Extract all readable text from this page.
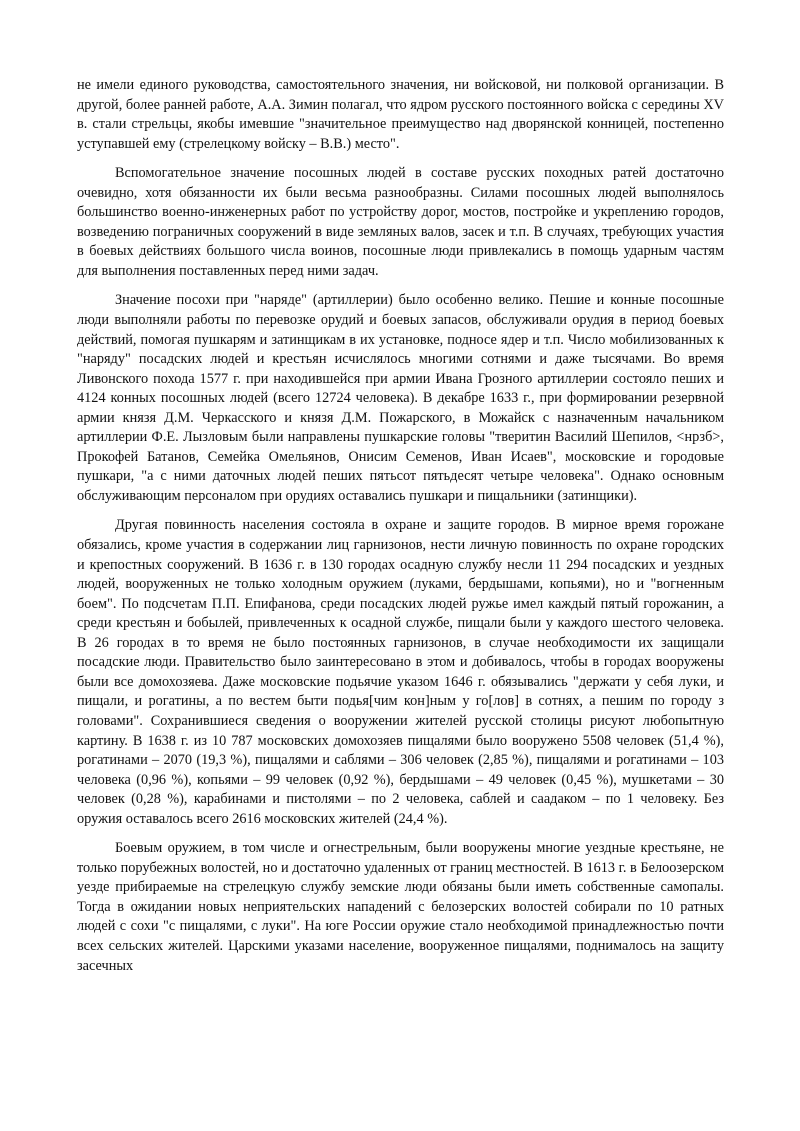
не имели единого руководства, самостоятельного значения, ни войсковой, ни полковой организации. В другой, более ранней работе, А.А. Зимин полагал, что ядром русского постоянного войска с середины XV в. стали стрельцы, якобы имевшие "значительное преимущество над дворянской конницей, постепенно уступавшей ему (стрелецкому войску – В.В.) место".

Вспомогательное значение посошных людей в составе русских походных ратей достаточно очевидно, хотя обязанности их были весьма разнообразны. Силами посошных людей выполнялось большинство военно-инженерных работ по устройству дорог, мостов, постройке и укреплению городов, возведению пограничных сооружений в виде земляных валов, засек и т.п. В случаях, требующих участия в боевых действиях большого числа воинов, посошные люди привлекались в помощь ударным частям для выполнения поставленных перед ними задач.

Значение посохи при "наряде" (артиллерии) было особенно велико. Пешие и конные посошные люди выполняли работы по перевозке орудий и боевых запасов, обслуживали орудия в период боевых действий, помогая пушкарям и затинщикам в их установке, подносе ядер и т.п. Число мобилизованных к "наряду" посадских людей и крестьян исчислялось многими сотнями и даже тысячами. Во время Ливонского похода 1577 г. при находившейся при армии Ивана Грозного артиллерии состояло пеших и 4124 конных посошных людей (всего 12724 человека). В декабре 1633 г., при формировании резервной армии князя Д.М. Черкасского и князя Д.М. Пожарского, в Можайск с назначенным начальником артиллерии Ф.Е. Лызловым были направлены пушкарские головы "тверитин Василий Шепилов, <нрзб>, Прокофей Батанов, Семейка Омельянов, Онисим Семенов, Иван Исаев", московские и городовые пушкари, "а с ними даточных людей пеших пятьсот пятьдесят четыре человека". Однако основным обслуживающим персоналом при орудиях оставались пушкари и пищальники (затинщики).

Другая повинность населения состояла в охране и защите городов. В мирное время горожане обязались, кроме участия в содержании лиц гарнизонов, нести личную повинность по охране городских и крепостных сооружений. В 1636 г. в 130 городах осадную службу несли 11 294 посадских и уездных людей, вооруженных не только холодным оружием (луками, бердышами, копьями), но и "вогненным боем". По подсчетам П.П. Епифанова, среди посадских людей ружье имел каждый пятый горожанин, а среди крестьян и бобылей, привлеченных к осадной службе, пищали были у каждого шестого человека. В 26 городах в то время не было постоянных гарнизонов, в случае необходимости их защищали посадские люди. Правительство было заинтересовано в этом и добивалось, чтобы в городах вооружены были все домохозяева. Даже московские подьячие указом 1646 г. обязывались "держати у себя луки, и пищали, и рогатины, а по вестем быти подья[чим кон]ным у го[лов] в сотнях, а пешим по городу з головами". Сохранившиеся сведения о вооружении жителей русской столицы рисуют любопытную картину. В 1638 г. из 10 787 московских домохозяев пищалями было вооружено 5508 человек (51,4 %), рогатинами – 2070 (19,3 %), пищалями и саблями – 306 человек (2,85 %), пищалями и рогатинами – 103 человека (0,96 %), копьями – 99 человек (0,92 %), бердышами – 49 человек (0,45 %), мушкетами – 30 человек (0,28 %), карабинами и пистолями – по 2 человека, саблей и саадаком – по 1 человеку. Без оружия оставалось всего 2616 московских жителей (24,4 %).

Боевым оружием, в том числе и огнестрельным, были вооружены многие уездные крестьяне, не только порубежных волостей, но и достаточно удаленных от границ местностей. В 1613 г. в Белоозерском уезде прибираемые на стрелецкую службу земские люди обязаны были иметь собственные самопалы. Тогда в ожидании новых неприятельских нападений с белозерских волостей собирали по 10 ратных людей с сохи "с пищалями, с луки". На юге России оружие стало необходимой принадлежностью почти всех сельских жителей. Царскими указами население, вооруженное пищалями, поднималось на защиту засечных
